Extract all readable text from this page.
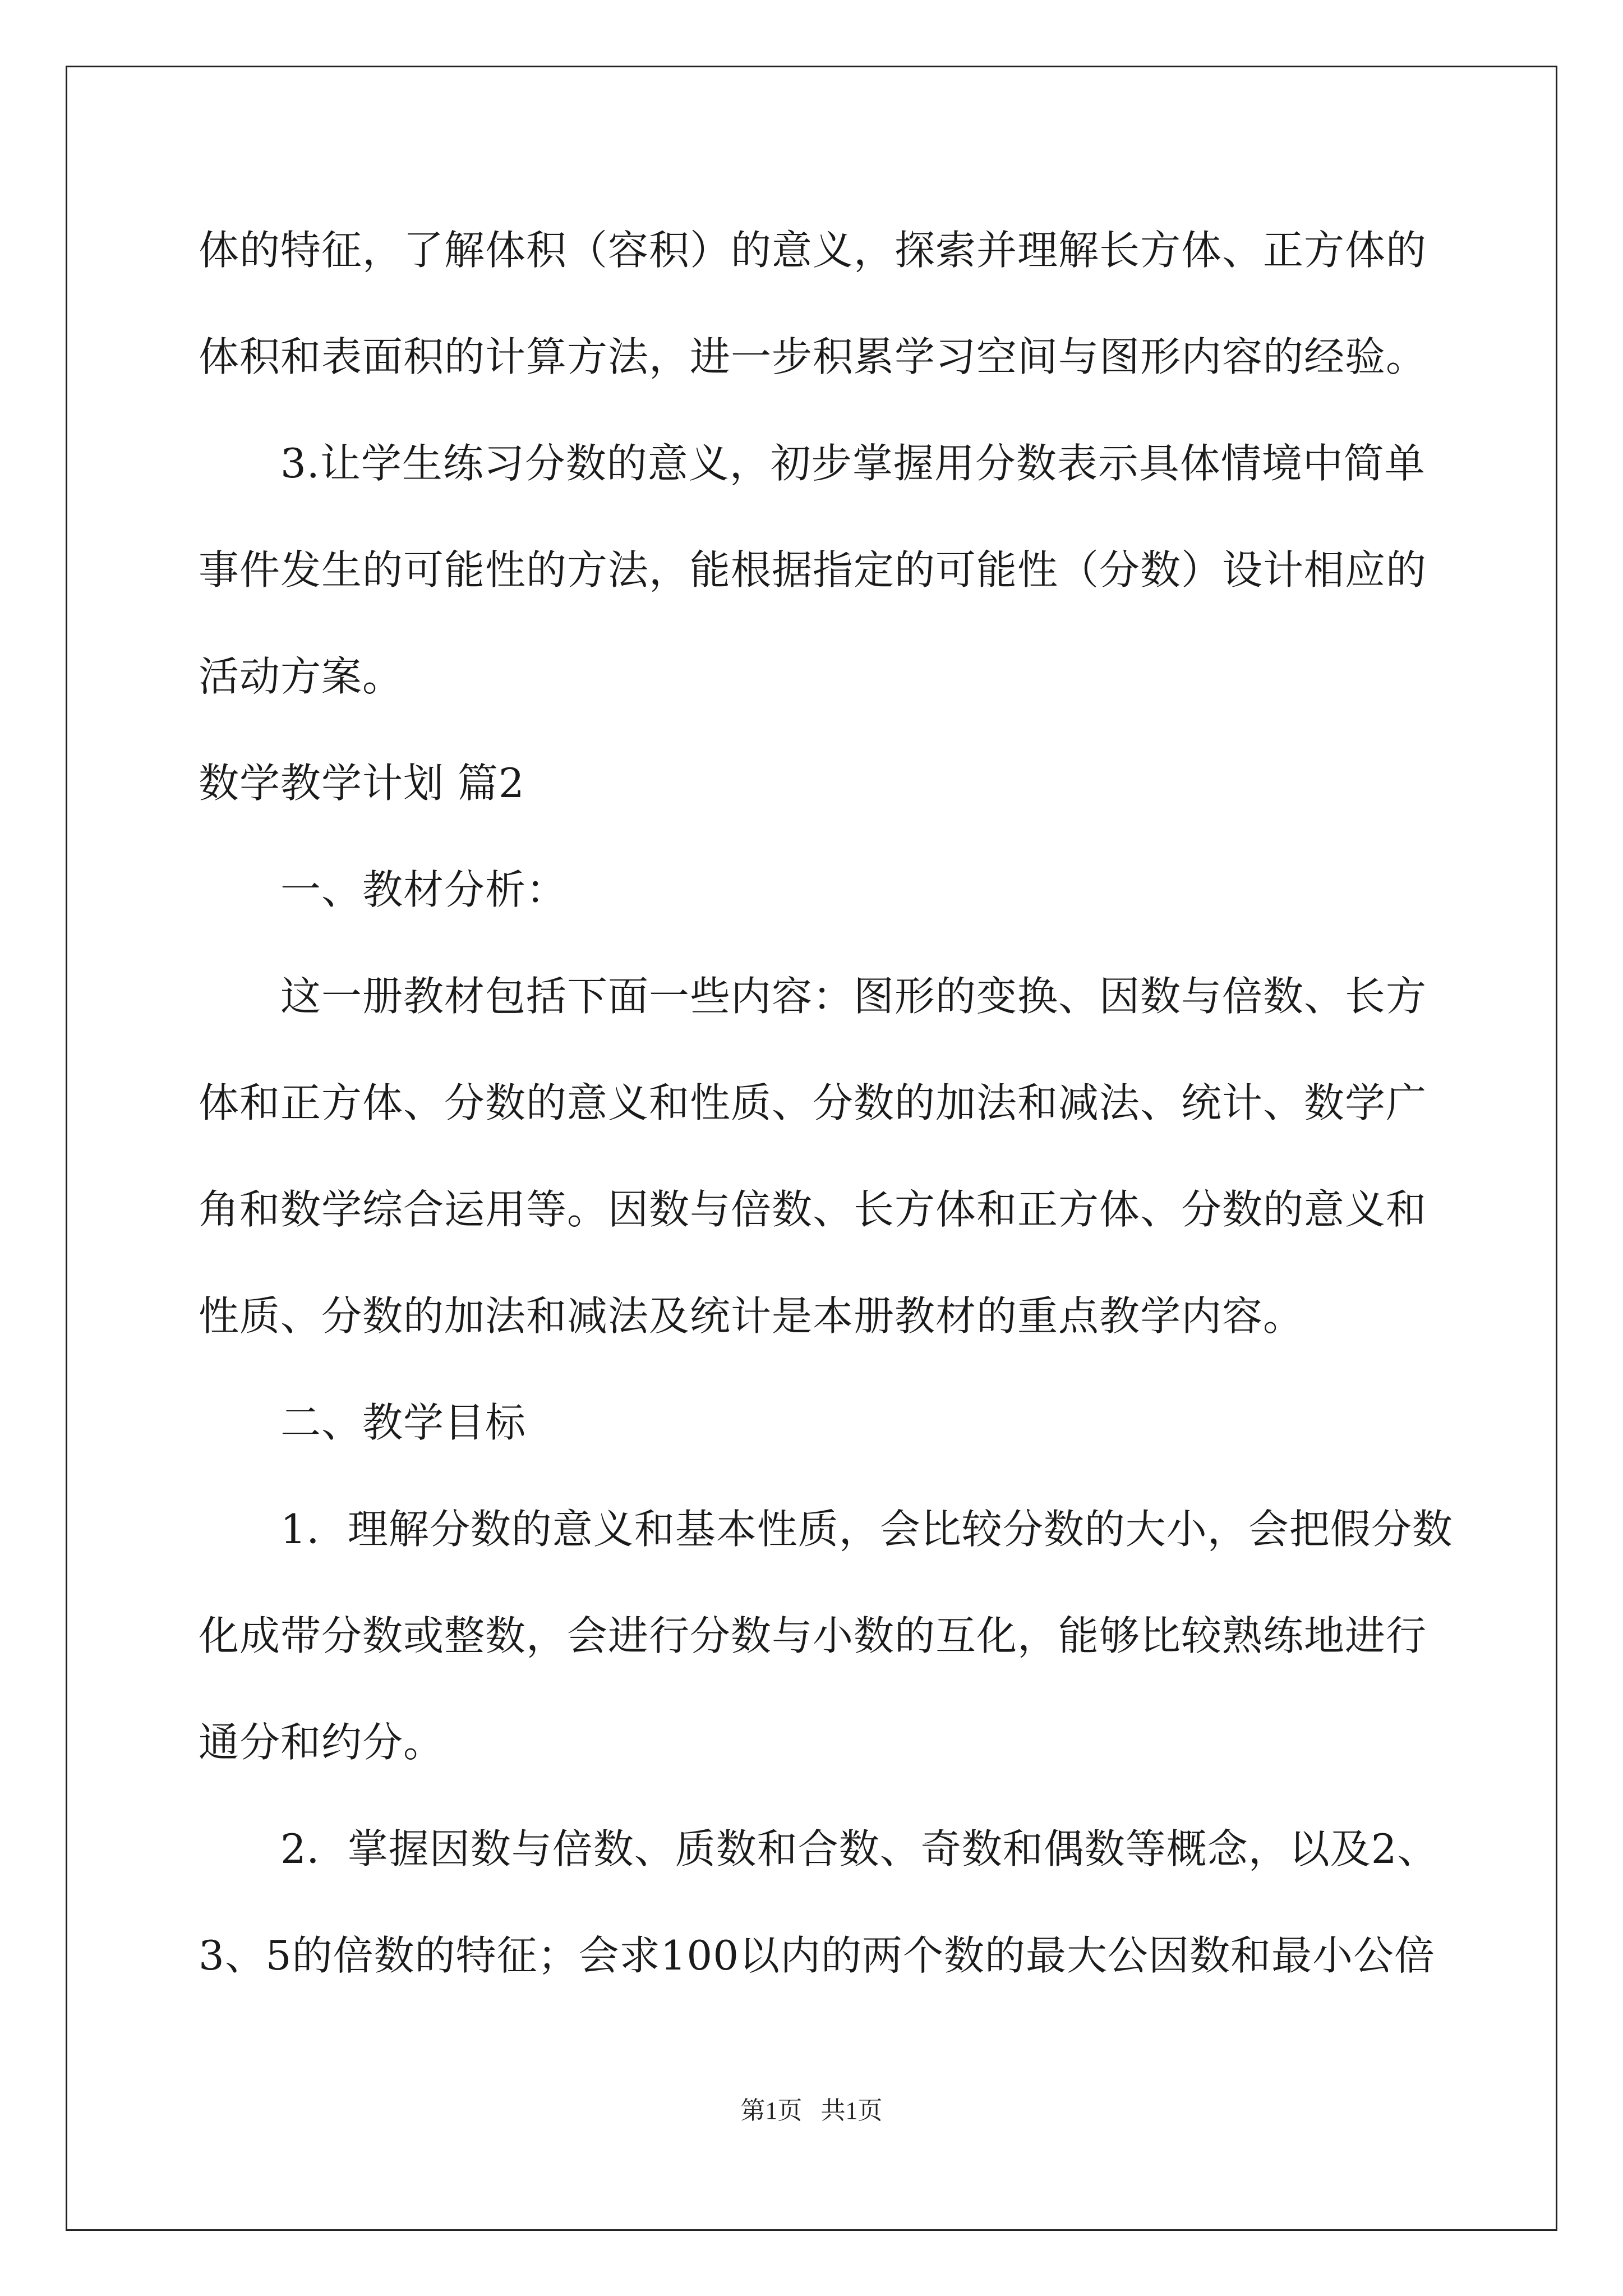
体的特征，了解体积（容积）的意义，探索并理解长方体、正方体的
体积和表面积的计算方法，进一步积累学习空间与图形内容的经验。
3.让学生练习分数的意义，初步掌握用分数表示具体情境中简单
事件发生的可能性的方法，能根据指定的可能性（分数）设计相应的
活动方案。
数学教学计划 篇2
一、教材分析：
这一册教材包括下面一些内容：图形的变换、因数与倍数、长方
体和正方体、分数的意义和性质、分数的加法和减法、统计、数学广
角和数学综合运用等。因数与倍数、长方体和正方体、分数的意义和
性质、分数的加法和减法及统计是本册教材的重点教学内容。
二、教学目标
1．理解分数的意义和基本性质，会比较分数的大小，会把假分数
化成带分数或整数，会进行分数与小数的互化，能够比较熟练地进行
通分和约分。
2．掌握因数与倍数、质数和合数、奇数和偶数等概念，以及2、
3、5的倍数的特征；会求100以内的两个数的最大公因数和最小公倍
第1页   共1页
